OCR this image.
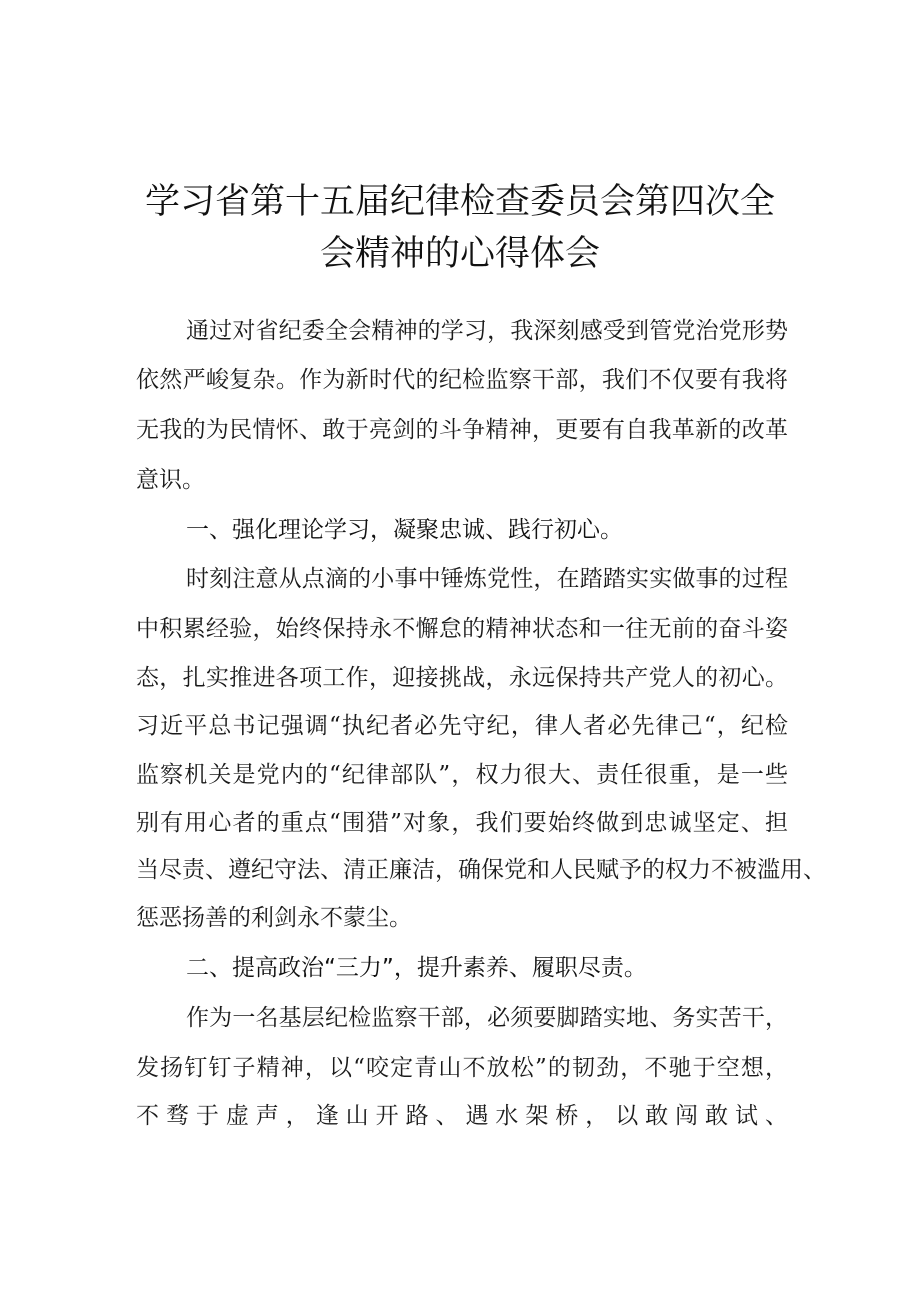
学习省第十五届纪律检查委员会第四次全
会精神的心得体会
通过对省纪委全会精神的学习，我深刻感受到管党治党形势
依然严峻复杂。作为新时代的纪检监察干部，我们不仅要有我将
无我的为民情怀、敢于亮剑的斗争精神，更要有自我革新的改革
意识。
一、强化理论学习，凝聚忠诚、践行初心。
时刻注意从点滴的小事中锤炼党性，在踏踏实实做事的过程
中积累经验，始终保持永不懈怠的精神状态和一往无前的奋斗姿
态，扎实推进各项工作，迎接挑战，永远保持共产党人的初心。
习近平总书记强调“执纪者必先守纪，律人者必先律己“，纪检
监察机关是党内的“纪律部队”，权力很大、责任很重，是一些
别有用心者的重点“围猎”对象，我们要始终做到忠诚坚定、担
当尽责、遵纪守法、清正廉洁，确保党和人民赋予的权力不被滥用、
惩恶扬善的利剑永不蒙尘。
二、提高政治“三力”，提升素养、履职尽责。
作为一名基层纪检监察干部，必须要脚踏实地、务实苦干，
发扬钉钉子精神，以“咬定青山不放松”的韧劲，不驰于空想，
不骛于虚声，逢山开路、遇水架桥，以敢闯敢试、
